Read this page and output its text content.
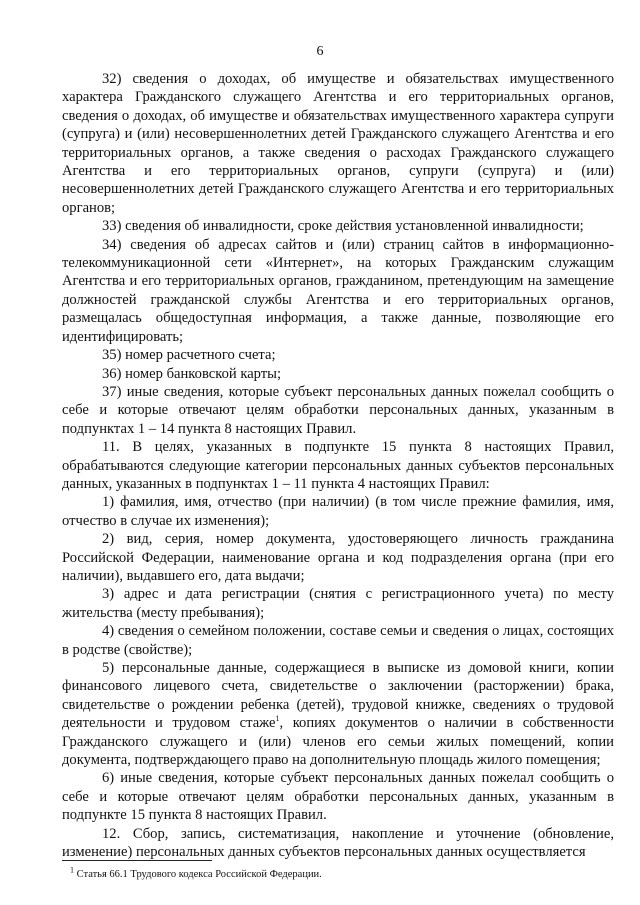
6

32) сведения о доходах, об имуществе и обязательствах имущественного характера Гражданского служащего Агентства и его территориальных органов, сведения о доходах, об имуществе и обязательствах имущественного характера супруги (супруга) и (или) несовершеннолетних детей Гражданского служащего Агентства и его территориальных органов, а также сведения о расходах Гражданского служащего Агентства и его территориальных органов, супруги (супруга) и (или) несовершеннолетних детей Гражданского служащего Агентства и его территориальных органов;

33) сведения об инвалидности, сроке действия установленной инвалидности;

34) сведения об адресах сайтов и (или) страниц сайтов в информационно-телекоммуникационной сети «Интернет», на которых Гражданским служащим Агентства и его территориальных органов, гражданином, претендующим на замещение должностей гражданской службы Агентства и его территориальных органов, размещалась общедоступная информация, а также данные, позволяющие его идентифицировать;

35) номер расчетного счета;

36) номер банковской карты;

37) иные сведения, которые субъект персональных данных пожелал сообщить о себе и которые отвечают целям обработки персональных данных, указанным в подпунктах 1 – 14 пункта 8 настоящих Правил.

11. В целях, указанных в подпункте 15 пункта 8 настоящих Правил, обрабатываются следующие категории персональных данных субъектов персональных данных, указанных в подпунктах 1 – 11 пункта 4 настоящих Правил:

1) фамилия, имя, отчество (при наличии) (в том числе прежние фамилия, имя, отчество в случае их изменения);

2) вид, серия, номер документа, удостоверяющего личность гражданина Российской Федерации, наименование органа и код подразделения органа (при его наличии), выдавшего его, дата выдачи;

3) адрес и дата регистрации (снятия с регистрационного учета) по месту жительства (месту пребывания);

4) сведения о семейном положении, составе семьи и сведения о лицах, состоящих в родстве (свойстве);

5) персональные данные, содержащиеся в выписке из домовой книги, копии финансового лицевого счета, свидетельстве о заключении (расторжении) брака, свидетельстве о рождении ребенка (детей), трудовой книжке, сведениях о трудовой деятельности и трудовом стаже$^1$, копиях документов о наличии в собственности Гражданского служащего и (или) членов его семьи жилых помещений, копии документа, подтверждающего право на дополнительную площадь жилого помещения;

6) иные сведения, которые субъект персональных данных пожелал сообщить о себе и которые отвечают целям обработки персональных данных, указанным в подпункте 15 пункта 8 настоящих Правил.

12. Сбор, запись, систематизация, накопление и уточнение (обновление, изменение) персональных данных субъектов персональных данных осуществляется

$^1$ Статья 66.1 Трудового кодекса Российской Федерации.
